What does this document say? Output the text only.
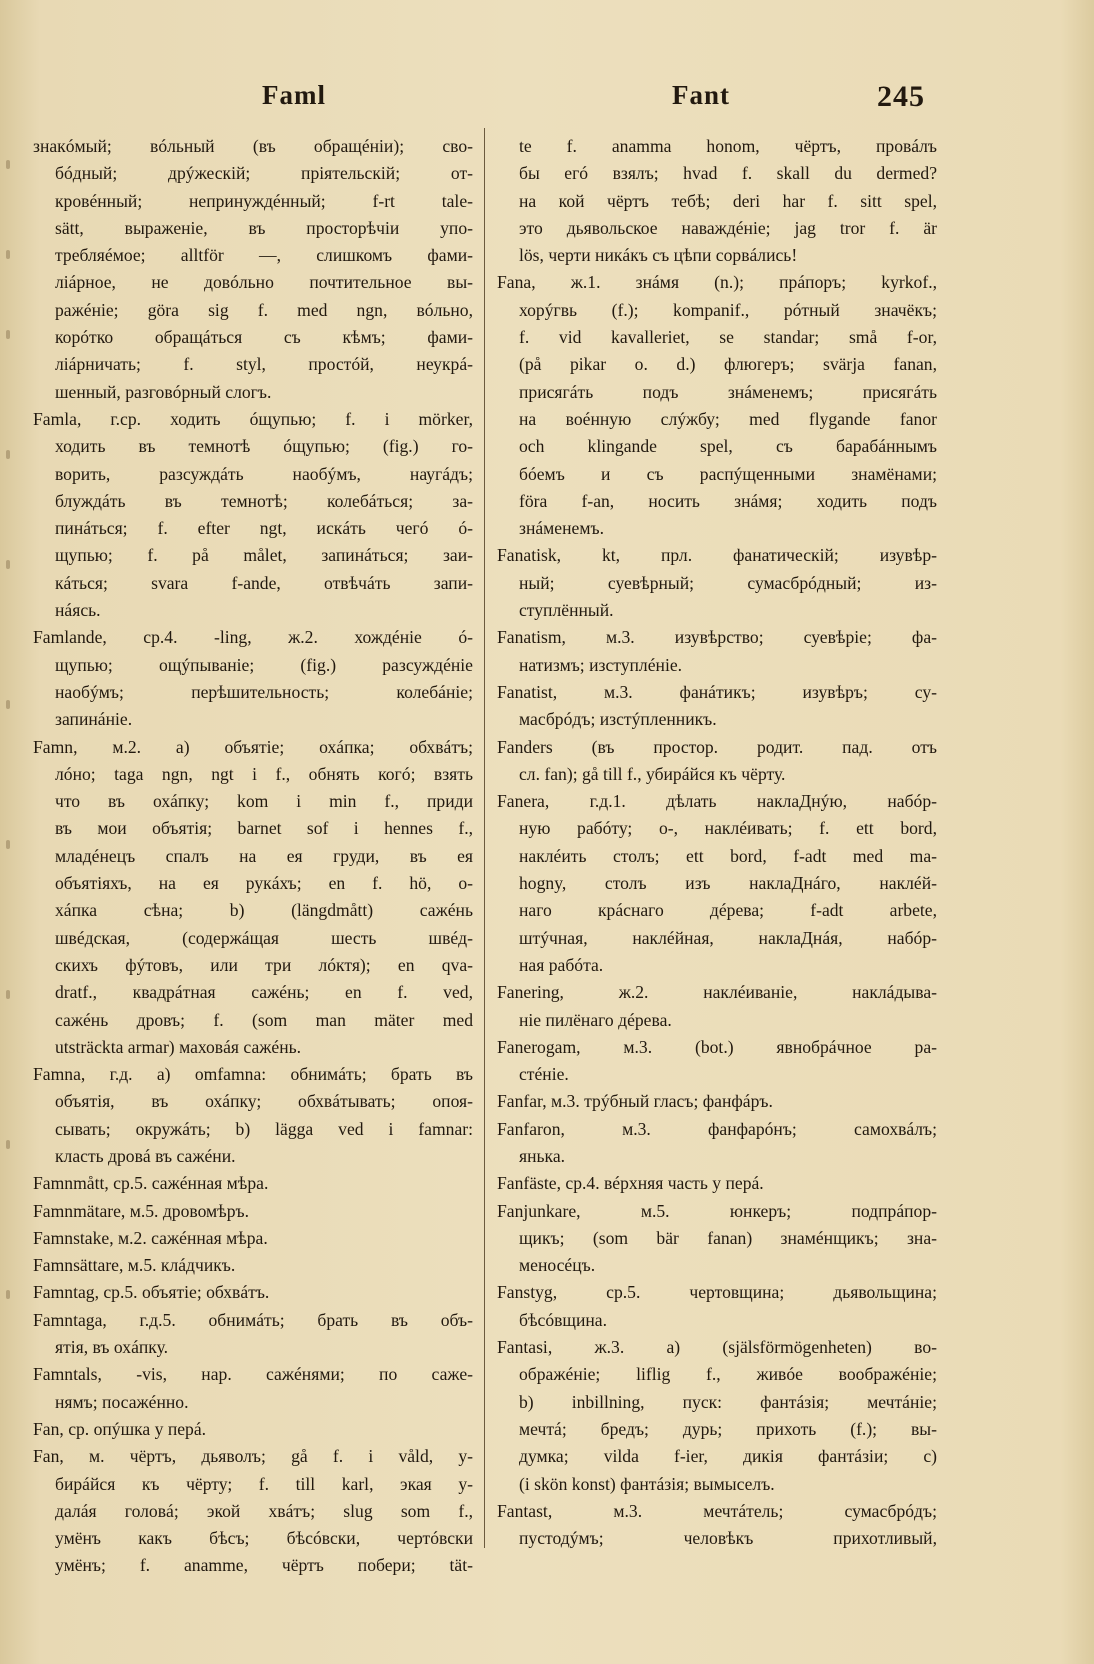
Faml	Fant	245
знакóмый; вóльный (въ обращéніи); сво-
бóдный; дрýжескій; пріятельскій; от-
кровéнный; непринуждéнный; f-rt tale-
sätt, выраженіе, въ просторѣчіи упо-
требляéмое; alltför —, слишкомъ фами-
ліáрное, не довóльно почтительное вы-
ражéніе; göra sig f. med ngn, вóльно,
корóтко обращáться съ кѣмъ; фами-
ліáрничать; f. styl, простóй, неукрá-
шенный, разговóрный слогъ.
Famla, г.ср. ходить óщупью; f. i mörker,
ходить въ темнотѣ óщупью; (fig.) го-
ворить, разсуждáть наобýмъ, наугáдъ;
блуждáть въ темнотѣ; колебáться; за-
пинáться; f. efter ngt, искáть чегó ó-
щупью; f. på målet, запинáться; заи-
кáться; svara f-ande, отвѣчáть запи-
нáясь.
Famlande, ср.4. -ling, ж.2. хождéніе ó-
щупью; ощýпываніе; (fig.) разсуждéніе
наобýмъ; перѣшительность; колебáніе;
запинáніе.
Famn, м.2. a) объятіе; охáпка; обхвáтъ;
лóно; taga ngn, ngt i f., обнять когó; взять
что въ охáпку; kom i min f., приди
въ мои объятія; barnet sof i hennes f.,
младéнецъ спалъ на ея груди, въ ея
объятіяхъ, на ея рукáхъ; en f. hö, о-
хáпка сѣна; b) (längdmått) сажéнь
швéдская, (содержáщая шесть швéд-
скихъ фýтовъ, или три лóктя); en qva-
dratf., квадрáтная сажéнь; en f. ved,
сажéнь дровъ; f. (som man mäter med
utsträckta armar) маховáя сажéнь.
Famna, г.д. a) omfamna: обнимáть; брать въ
объятія, въ охáпку; обхвáтывать; опоя-
сывать; окружáть; b) lägga ved i famnar:
класть дровá въ сажéни.
Famnmått, ср.5. сажéнная мѣра.
Famnmätare, м.5. дровомѣръ.
Famnstake, м.2. сажéнная мѣра.
Famnsättare, м.5. клáдчикъ.
Famntag, ср.5. объятіе; обхвáтъ.
Famntaga, г.д.5. обнимáть; брать въ объ-
ятія, въ охáпку.
Famntals, -vis, нар. сажéнями; по саже-
нямъ; посажéнно.
Fan, ср. опýшка у перá.
Fan, м. чёртъ, дьяволъ; gå f. i våld, у-
бирáйся къ чёрту; f. till karl, экая у-
далáя головá; экой хвáтъ; slug som f.,
умёнъ какъ бѣсъ; бѣсóвски, чертóвски
умёнъ; f. anamme, чёртъ побери; tät-
te f. anamma honom, чёртъ, провáлъ
бы егó взялъ; hvad f. skall du dermed?
на кой чёртъ тебѣ; deri har f. sitt spel,
это дьявольское наваждéніе; jag tror f. är
lös, черти никáкъ съ цѣпи сорвáлись!
Fana, ж.1. знáмя (n.); прáпоръ; kyrkof.,
хорýгвь (f.); kompanif., рóтный значёкъ;
f. vid kavalleriet, se standar; små f-or,
(på pikar o. d.) флюгеръ; svärja fanan,
присягáть подъ знáменемъ; присягáть
на воéнную слýжбу; med flygande fanor
och klingande spel, съ барабáннымъ
бóемъ и съ распýщенными знамёнами;
föra f-an, носить знáмя; ходить подъ
знáменемъ.
Fanatisk, kt, прл. фанатическій; изувѣр-
ный; суевѣрный; сумасбрóдный; из-
ступлённый.
Fanatism, м.3. изувѣрство; суевѣріе; фа-
натизмъ; изступлéніе.
Fanatist, м.3. фанáтикъ; изувѣръ; су-
масбрóдъ; изстýпленникъ.
Fanders (въ простор. родит. пад. отъ
сл. fan); gå till f., убирáйся къ чёрту.
Fanera, г.д.1. дѣлать наклаДнýю, набóр-
ную рабóту; о-, наклéивать; f. ett bord,
наклéить столъ; ett bord, f-adt med ma-
hogny, столъ изъ наклаДнáго, наклéй-
наго крáснаго дéрева; f-adt arbete,
штýчная, наклéйная, наклаДнáя, набóр-
ная рабóта.
Fanering, ж.2. наклéиваніе, наклáдыва-
ніе пилёнаго дéрева.
Fanerogam, м.3. (bot.) явнобрáчное ра-
стéніе.
Fanfar, м.3. трýбный гласъ; фанфáръ.
Fanfaron, м.3. фанфарóнъ; самохвáлъ;
янька.
Fanfäste, ср.4. вéрхняя часть у перá.
Fanjunkare, м.5. юнкеръ; подпрáпор-
щикъ; (som bär fanan) знамéнщикъ; зна-
меносéцъ.
Fanstyg, ср.5. чертовщина; дьявольщина;
бѣсóвщина.
Fantasi, ж.3. a) (själsförmögenheten) во-
ображéніе; liflig f., живóе воображéніе;
b) inbillning, пуск: фантáзія; мечтáніе;
мечтá; бредъ; дурь; прихоть (f.); вы-
думка; vilda f-ier, дикія фантáзіи; c)
(i skön konst) фантáзія; вымыселъ.
Fantast, м.3. мечтáтель; сумасбрóдъ;
пустодýмъ; человѣкъ прихотливый,
